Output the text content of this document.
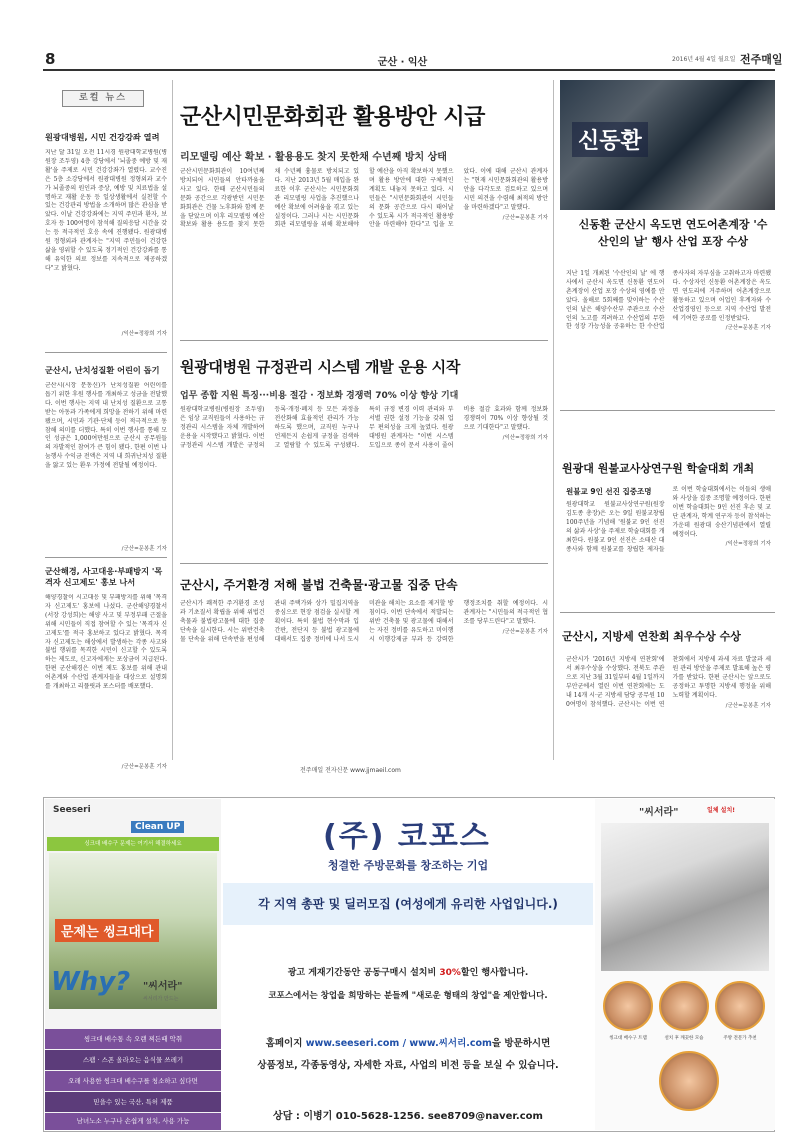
8	군산 · 익산	2016년 4월 4일 월요일 전주매일
로컬 뉴스
원광대병원, 시민 건강강좌 열려
지난 달 31일 오전 11시경 원광대학교병원(병원장 조두영) 4층 강당에서 '뇌졸중 예방 및 재활'을 주제로 시민 건강강좌가 열렸다. 교수진은 5층 소강당에서 원광대병원 정형외과 교수가 뇌졸중의 원인과 증상, 예방 및 치료법을 설명하고 재활 운동 등 일상생활에서 실천할 수 있는 건강관리 방법을 소개하며 많은 관심을 받았다. 이날 건강강좌에는 지역 주민과 환자, 보호자 등 100여명이 참석해 질의응답 시간을 갖는 등 적극적인 호응 속에 진행됐다. 원광대병원 정형외과 관계자는 "지역 주민들이 건강한 삶을 영위할 수 있도록 정기적인 건강강좌를 통해 유익한 의료 정보를 지속적으로 제공하겠다"고 밝혔다.
/익산=정왕희 기자
군산시, 난치성질환 어린이 돕기
군산시(시장 문동신)가 난치성질환 어린이를 돕기 위한 후원 행사를 개최하고 성금을 전달했다. 이번 행사는 지역 내 난치성 질환으로 고통받는 아동과 가족에게 희망을 전하기 위해 마련됐으며, 시민과 기관·단체 등이 적극적으로 동참해 의미를 더했다. 특히 이번 행사를 통해 모인 성금은 1,000여만원으로 군산시 공무원들의 자발적인 참여가 큰 힘이 됐다. 한편 이번 나눔행사 수익금 전액은 지역 내 희귀난치성 질환을 앓고 있는 환우 가정에 전달될 예정이다.
/군산=문봉훈 기자
군산해경, 사고대응·부패방지 '목격자 신고제도' 홍보 나서
해양경찰이 시고대응 및 부패방지를 위해 '목격자 신고제도' 홍보에 나섰다. 군산해양경찰서(서장 강성희)는 해양 사고 및 부정부패 근절을 위해 시민들이 직접 참여할 수 있는 '목격자 신고제도'를 적극 홍보하고 있다고 밝혔다. 목격자 신고제도는 해상에서 발생하는 각종 사고와 불법 행위를 목격한 시민이 신고할 수 있도록 하는 제도로, 신고자에게는 포상금이 지급된다. 한편 군산해경은 이번 제도 홍보를 위해 관내 어촌계와 수산업 관계자들을 대상으로 설명회를 개최하고 리플릿과 포스터를 배포했다.
/군산=문봉훈 기자
군산시민문화회관 활용방안 시급
리모델링 예산 확보 · 활용용도 찾지 못한채 수년째 방치 상태
군산시민문화회관이 10여년째 방치되어 시민들의 안타까움을 사고 있다. 한때 군산시민들의 문화 공간으로 각광받던 시민문화회관은 건물 노후화와 함께 문을 닫았으며 이후 리모델링 예산 확보와 활용 용도를 찾지 못한 채 수년째 흉물로 방치되고 있다. 지난 2013년 5월 매입을 완료한 이후 군산시는 시민문화회관 리모델링 사업을 추진했으나 예산 확보에 어려움을 겪고 있는 실정이다. 그러나 시는 시민문화회관 리모델링을 위해 확보해야 할 예산을 아직 확보하지 못했으며 활용 방안에 대한 구체적인 계획도 내놓지 못하고 있다. 시민들은 "시민문화회관이 시민들의 문화 공간으로 다시 태어날 수 있도록 시가 적극적인 활용방안을 마련해야 한다"고 입을 모았다. 이에 대해 군산시 관계자는 "현재 시민문화회관의 활용방안을 다각도로 검토하고 있으며 시민 의견을 수렴해 최적의 방안을 마련하겠다"고 말했다.
/군산=문봉훈 기자
신동환
신동환 군산시 옥도면 연도어촌계장 '수산인의 날' 행사 산업 포장 수상
지난 1일 개최된 '수산인의 날' 에 행사에서 군산시 옥도면 신동환 연도어촌계장이 산업 포장 수상의 영예를 안았다. 올해로 5회째를 맞이하는 수산인의 날은 해양수산부 주관으로 수산인의 노고를 격려하고 수산업의 무한한 성장 가능성을 공유하는 한 수산업 종사자의 자부심을 고취하고자 마련됐다. 수상자인 신동환 어촌계장은 옥도면 연도리에 거주하며 어촌계장으로 활동하고 있으며 어업인 후계자와 수산업경영인 등으로 지역 수산업 발전에 기여한 공로를 인정받았다.
/군산=문봉훈 기자
원광대병원 규정관리 시스템 개발 운용 시작
업무 종합 지원 특징···비용 절감 · 정보화 경쟁력 70% 이상 향상 기대
원광대학교병원(병원장 조두영)은 임상 교직원들이 사용하는 규정관리 시스템을 자체 개발하여 운용을 시작했다고 밝혔다. 이번 규정관리 시스템 개발은 규정의 등록·개정·폐지 등 모든 과정을 전산화해 효율적인 관리가 가능하도록 했으며, 교직원 누구나 언제든지 손쉽게 규정을 검색하고 열람할 수 있도록 구성됐다. 특히 규정 변경 이력 관리와 부서별 권한 설정 기능을 갖춰 업무 편의성을 크게 높였다. 원광대병원 관계자는 "이번 시스템 도입으로 종이 문서 사용이 줄어 비용 절감 효과와 함께 정보화 경쟁력이 70% 이상 향상될 것으로 기대한다"고 말했다.
/익산=정왕희 기자
원광대 원불교사상연구원 학술대회 개최
원불교 9인 선진 집중조명
원광대학교 원불교사상연구원(원장 김도종 총장)은 오는 9일 원불교창립 100주년을 기념해 '원불교 9인 선진의 삶과 사상'을 주제로 학술대회를 개최한다. 원불교 9인 선진은 소태산 대종사와 함께 원불교를 창립한 제자들로 이번 학술대회에서는 이들의 생애와 사상을 집중 조명할 예정이다. 한편 이번 학술대회는 9인 선진 후손 및 교단 관계자, 학계 연구자 등이 참석하는 가운데 원광대 숭산기념관에서 열릴 예정이다.
/익산=정왕희 기자
군산시, 주거환경 저해 불법 건축물·광고물 집중 단속
군산시가 쾌적한 주거환경 조성과 기초질서 확립을 위해 위법건축물과 불법광고물에 대한 집중 단속을 실시한다. 시는 위반건축물 단속을 위해 단속반을 편성해 관내 주택가와 상가 밀집지역을 중심으로 현장 점검을 실시할 계획이다. 특히 불법 현수막과 입간판, 전단지 등 불법 광고물에 대해서도 집중 정비에 나서 도시 미관을 해치는 요소를 제거할 방침이다. 이번 단속에서 적발되는 위반 건축물 및 광고물에 대해서는 자진 정비를 유도하고 미이행 시 이행강제금 부과 등 강력한 행정조치를 취할 예정이다. 시 관계자는 "시민들의 적극적인 협조를 당부드린다"고 말했다.
/군산=문봉훈 기자 군산시, 지방세 연찬회 최우수상 수상
군산시가 '2016년 지방세 연찬회'에서 최우수상을 수상했다. 전북도 주관으로 지난 3월 31일부터 4월 1일까지 부안군에서 열린 이번 연찬회에는 도내 14개 시·군 지방세 담당 공무원 100여명이 참석했다. 군산시는 이번 연찬회에서 지방세 과세 자료 발굴과 세원 관리 방안을 주제로 발표해 높은 평가를 받았다. 한편 군산시는 앞으로도 공정하고 투명한 지방세 행정을 위해 노력할 계획이다.
/군산=문봉훈 기자
전주매일 전자신문 www.jjmaeil.com
Seeseri
Clean UP
싱크대 배수구 문제는 여기서 해결하세요
문제는 씽크대다
Why? "씨서라"
씨서리가 만드는
씽크대 배수통 속 오랜 찌든때 악취
스팸 · 스폰 올라오는 음식물 쓰레기
오래 사용한 씽크대 배수구를 청소하고 싶다면
믿을수 있는 국산, 특허 제품
남녀노소 누구나 손쉽게 설치, 사용 가능
(주) 코포스
청결한 주방문화를 창조하는 기업
각 지역 총판 및 딜러모집 (여성에게 유리한 사업입니다.)
광고 게재기간동안 공동구매시 설치비 30%할인 행사합니다.
코포스에서는 창업을 희망하는 분들께 "새로운 형태의 창업"을 제안합니다.
홈페이지 www.seeseri.com / www.씨서리.com을 방문하시면
상품정보, 각종동영상, 자세한 자료, 사업의 비전 등을 보실 수 있습니다.
상담 : 이병기 010-5628-1256. see8709@naver.com
"씨서라"	일체 설치!
씽크대 배수구 트랩	설치 후 깨끗한 모습	주방 전문가 추천
